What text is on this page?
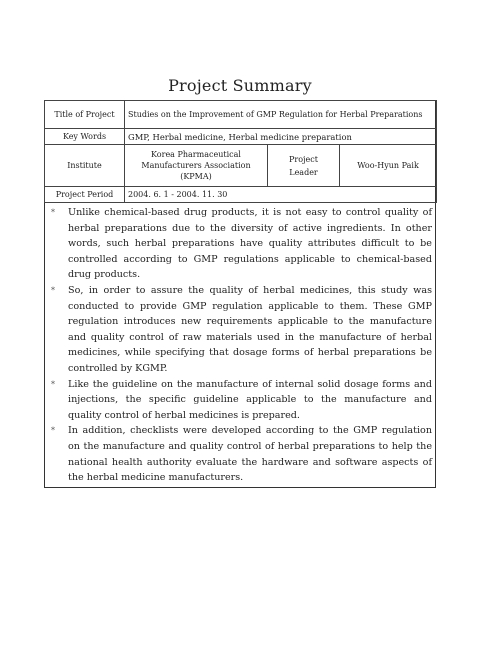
Project Summary
Title of Project	Studies on the Improvement of GMP Regulation for Herbal Preparations		
Key Words	GMP, Herbal medicine, Herbal medicine preparation		
Institute	Korea Pharmaceutical Manufacturers Association (KPMA)	Project Leader	Woo-Hyun Paik
Project Period	2004. 6. 1 - 2004. 11. 30		
* Unlike chemical-based drug products, it is not easy to control quality of herbal preparations due to the diversity of active ingredients. In other words, such herbal preparations have quality attributes difficult to be controlled according to GMP regulations applicable to chemical-based drug products.
* So, in order to assure the quality of herbal medicines, this study was conducted to provide GMP regulation applicable to them. These GMP regulation introduces new requirements applicable to the manufacture and quality control of raw materials used in the manufacture of herbal medicines, while specifying that dosage forms of herbal preparations be controlled by KGMP.
* Like the guideline on the manufacture of internal solid dosage forms and injections, the specific guideline applicable to the manufacture and quality control of herbal medicines is prepared.
* In addition, checklists were developed according to the GMP regulation on the manufacture and quality control of herbal preparations to help the national health authority evaluate the hardware and software aspects of the herbal medicine manufacturers.
